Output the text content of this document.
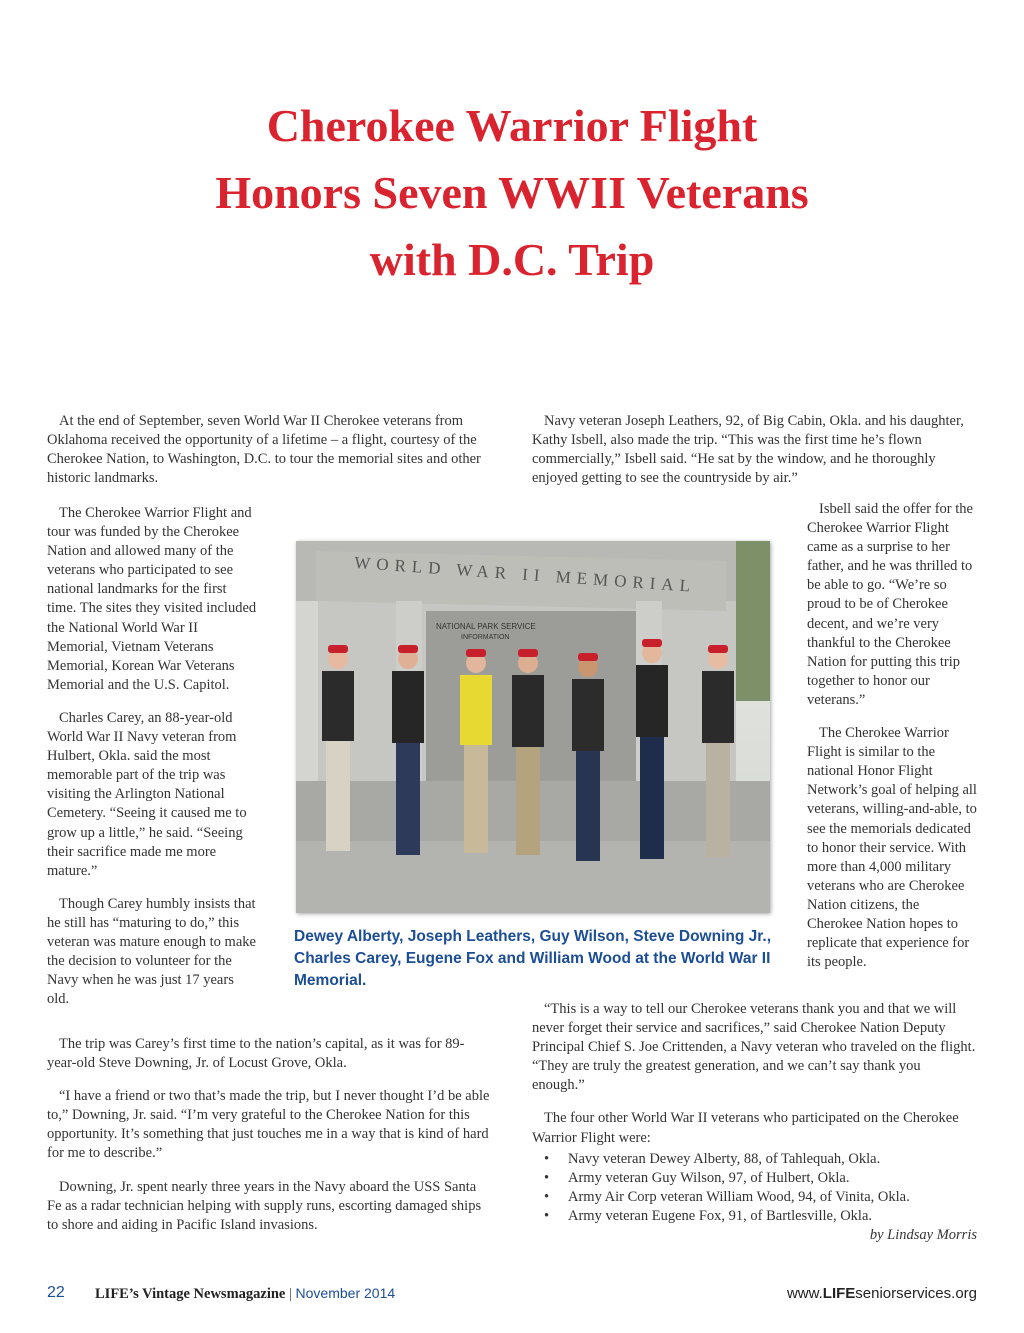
Cherokee Warrior Flight
Honors Seven WWII Veterans
with D.C. Trip

At the end of September, seven World War II Cherokee veterans from Oklahoma received the opportunity of a lifetime – a flight, courtesy of the Cherokee Nation, to Washington, D.C. to tour the memorial sites and other historic landmarks.

Navy veteran Joseph Leathers, 92, of Big Cabin, Okla. and his daughter, Kathy Isbell, also made the trip. “This was the first time he’s flown commercially,” Isbell said. “He sat by the window, and he thoroughly enjoyed getting to see the countryside by air.”

The Cherokee Warrior Flight and tour was funded by the Cherokee Nation and allowed many of the veterans who participated to see national landmarks for the first time. The sites they visited included the National World War II Memorial, Vietnam Veterans Memorial, Korean War Veterans Memorial and the U.S. Capitol.

Charles Carey, an 88-year-old World War II Navy veteran from Hulbert, Okla. said the most memorable part of the trip was visiting the Arlington National Cemetery. “Seeing it caused me to grow up a little,” he said. “Seeing their sacrifice made me more mature.”

Though Carey humbly insists that he still has “maturing to do,” this veteran was mature enough to make the decision to volunteer for the Navy when he was just 17 years old.

Isbell said the offer for the Cherokee Warrior Flight came as a surprise to her father, and he was thrilled to be able to go. “We’re so proud to be of Cherokee decent, and we’re very thankful to the Cherokee Nation for putting this trip together to honor our veterans.”

The Cherokee Warrior Flight is similar to the national Honor Flight Network’s goal of helping all veterans, willing-and-able, to see the memorials dedicated to honor their service. With more than 4,000 military veterans who are Cherokee Nation citizens, the Cherokee Nation hopes to replicate that experience for its people.

WORLD WAR II MEMORIAL
NATIONAL PARK SERVICE
INFORMATION
Dewey Alberty, Joseph Leathers, Guy Wilson, Steve Downing Jr., Charles Carey, Eugene Fox and William Wood at the World War II Memorial.

The trip was Carey’s first time to the nation’s capital, as it was for 89-year-old Steve Downing, Jr. of Locust Grove, Okla.

“I have a friend or two that’s made the trip, but I never thought I’d be able to,” Downing, Jr. said. “I’m very grateful to the Cherokee Nation for this opportunity. It’s something that just touches me in a way that is kind of hard for me to describe.”

Downing, Jr. spent nearly three years in the Navy aboard the USS Santa Fe as a radar technician helping with supply runs, escorting damaged ships to shore and aiding in Pacific Island invasions.

“This is a way to tell our Cherokee veterans thank you and that we will never forget their service and sacrifices,” said Cherokee Nation Deputy Principal Chief S. Joe Crittenden, a Navy veteran who traveled on the flight. “They are truly the greatest generation, and we can’t say thank you enough.”

The four other World War II veterans who participated on the Cherokee Warrior Flight were:

• Navy veteran Dewey Alberty, 88, of Tahlequah, Okla.
• Army veteran Guy Wilson, 97, of Hulbert, Okla.
• Army Air Corp veteran William Wood, 94, of Vinita, Okla.
• Army veteran Eugene Fox, 91, of Bartlesville, Okla.
by Lindsay Morris
22 LIFE’s Vintage Newsmagazine | November 2014	www.LIFEseniorservices.org
